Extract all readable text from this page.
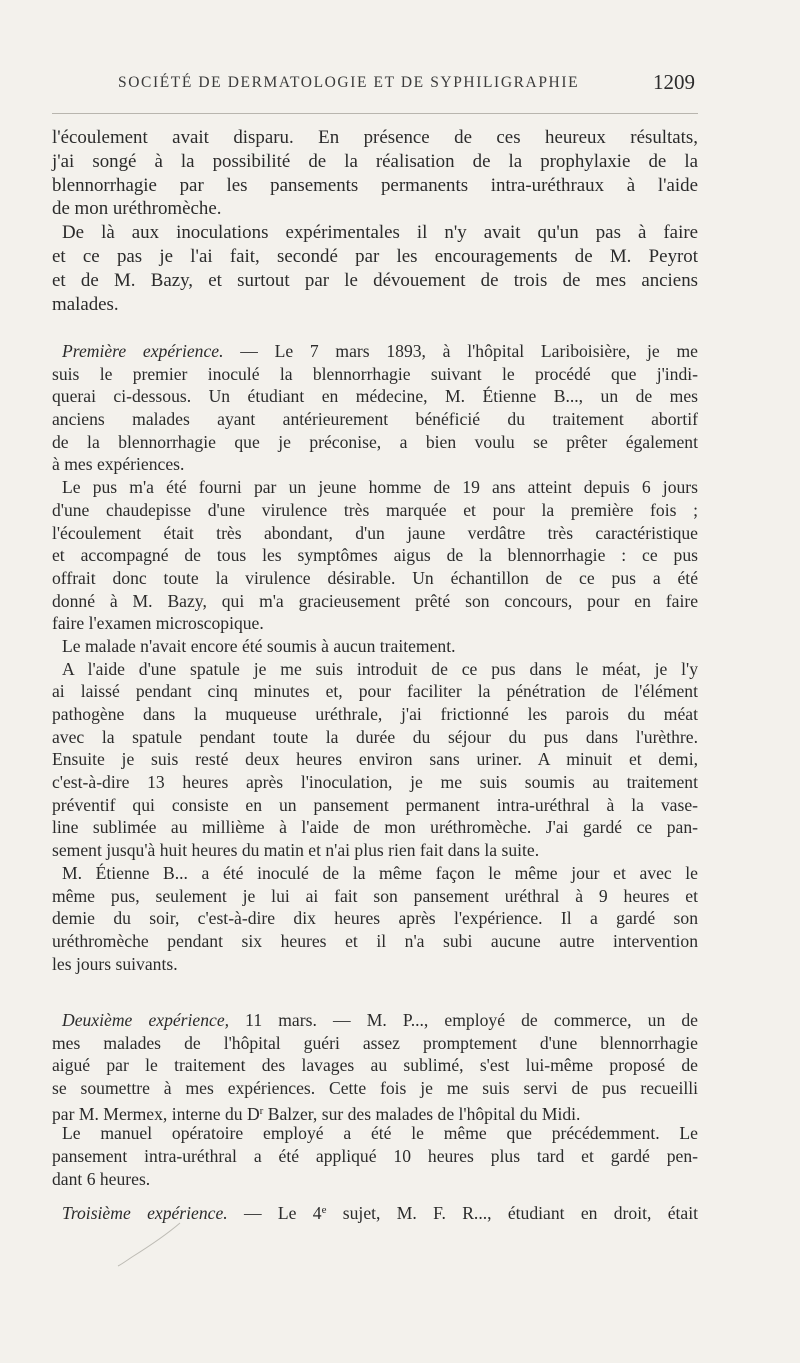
SOCIÉTÉ DE DERMATOLOGIE ET DE SYPHILIGRAPHIE	1209
l'écoulement avait disparu. En présence de ces heureux résultats,
j'ai songé à la possibilité de la réalisation de la prophylaxie de la
blennorrhagie par les pansements permanents intra-uréthraux à l'aide
de mon uréthromèche.
De là aux inoculations expérimentales il n'y avait qu'un pas à faire
et ce pas je l'ai fait, secondé par les encouragements de M. Peyrot
et de M. Bazy, et surtout par le dévouement de trois de mes anciens
malades.
Première expérience. — Le 7 mars 1893, à l'hôpital Lariboisière, je me
suis le premier inoculé la blennorrhagie suivant le procédé que j'indi-
querai ci-dessous. Un étudiant en médecine, M. Étienne B..., un de mes
anciens malades ayant antérieurement bénéficié du traitement abortif
de la blennorrhagie que je préconise, a bien voulu se prêter également
à mes expériences.
Le pus m'a été fourni par un jeune homme de 19 ans atteint depuis 6 jours
d'une chaudepisse d'une virulence très marquée et pour la première fois ;
l'écoulement était très abondant, d'un jaune verdâtre très caractéristique
et accompagné de tous les symptômes aigus de la blennorrhagie : ce pus
offrait donc toute la virulence désirable. Un échantillon de ce pus a été
donné à M. Bazy, qui m'a gracieusement prêté son concours, pour en faire
faire l'examen microscopique.
Le malade n'avait encore été soumis à aucun traitement.
A l'aide d'une spatule je me suis introduit de ce pus dans le méat, je l'y
ai laissé pendant cinq minutes et, pour faciliter la pénétration de l'élément
pathogène dans la muqueuse uréthrale, j'ai frictionné les parois du méat
avec la spatule pendant toute la durée du séjour du pus dans l'urèthre.
Ensuite je suis resté deux heures environ sans uriner. A minuit et demi,
c'est-à-dire 13 heures après l'inoculation, je me suis soumis au traitement
préventif qui consiste en un pansement permanent intra-uréthral à la vase-
line sublimée au millième à l'aide de mon uréthromèche. J'ai gardé ce pan-
sement jusqu'à huit heures du matin et n'ai plus rien fait dans la suite.
M. Étienne B... a été inoculé de la même façon le même jour et avec le
même pus, seulement je lui ai fait son pansement uréthral à 9 heures et
demie du soir, c'est-à-dire dix heures après l'expérience. Il a gardé son
uréthromèche pendant six heures et il n'a subi aucune autre intervention
les jours suivants.
Deuxième expérience, 11 mars. — M. P..., employé de commerce, un de
mes malades de l'hôpital guéri assez promptement d'une blennorrhagie
aigué par le traitement des lavages au sublimé, s'est lui-même proposé de
se soumettre à mes expériences. Cette fois je me suis servi de pus recueilli
par M. Mermex, interne du $D^r$ Balzer, sur des malades de l'hôpital du Midi.
Le manuel opératoire employé a été le même que précédemment. Le
pansement intra-uréthral a été appliqué 10 heures plus tard et gardé pen-
dant 6 heures.
Troisième expérience. — Le 4e sujet, M. F. R..., étudiant en droit, était
